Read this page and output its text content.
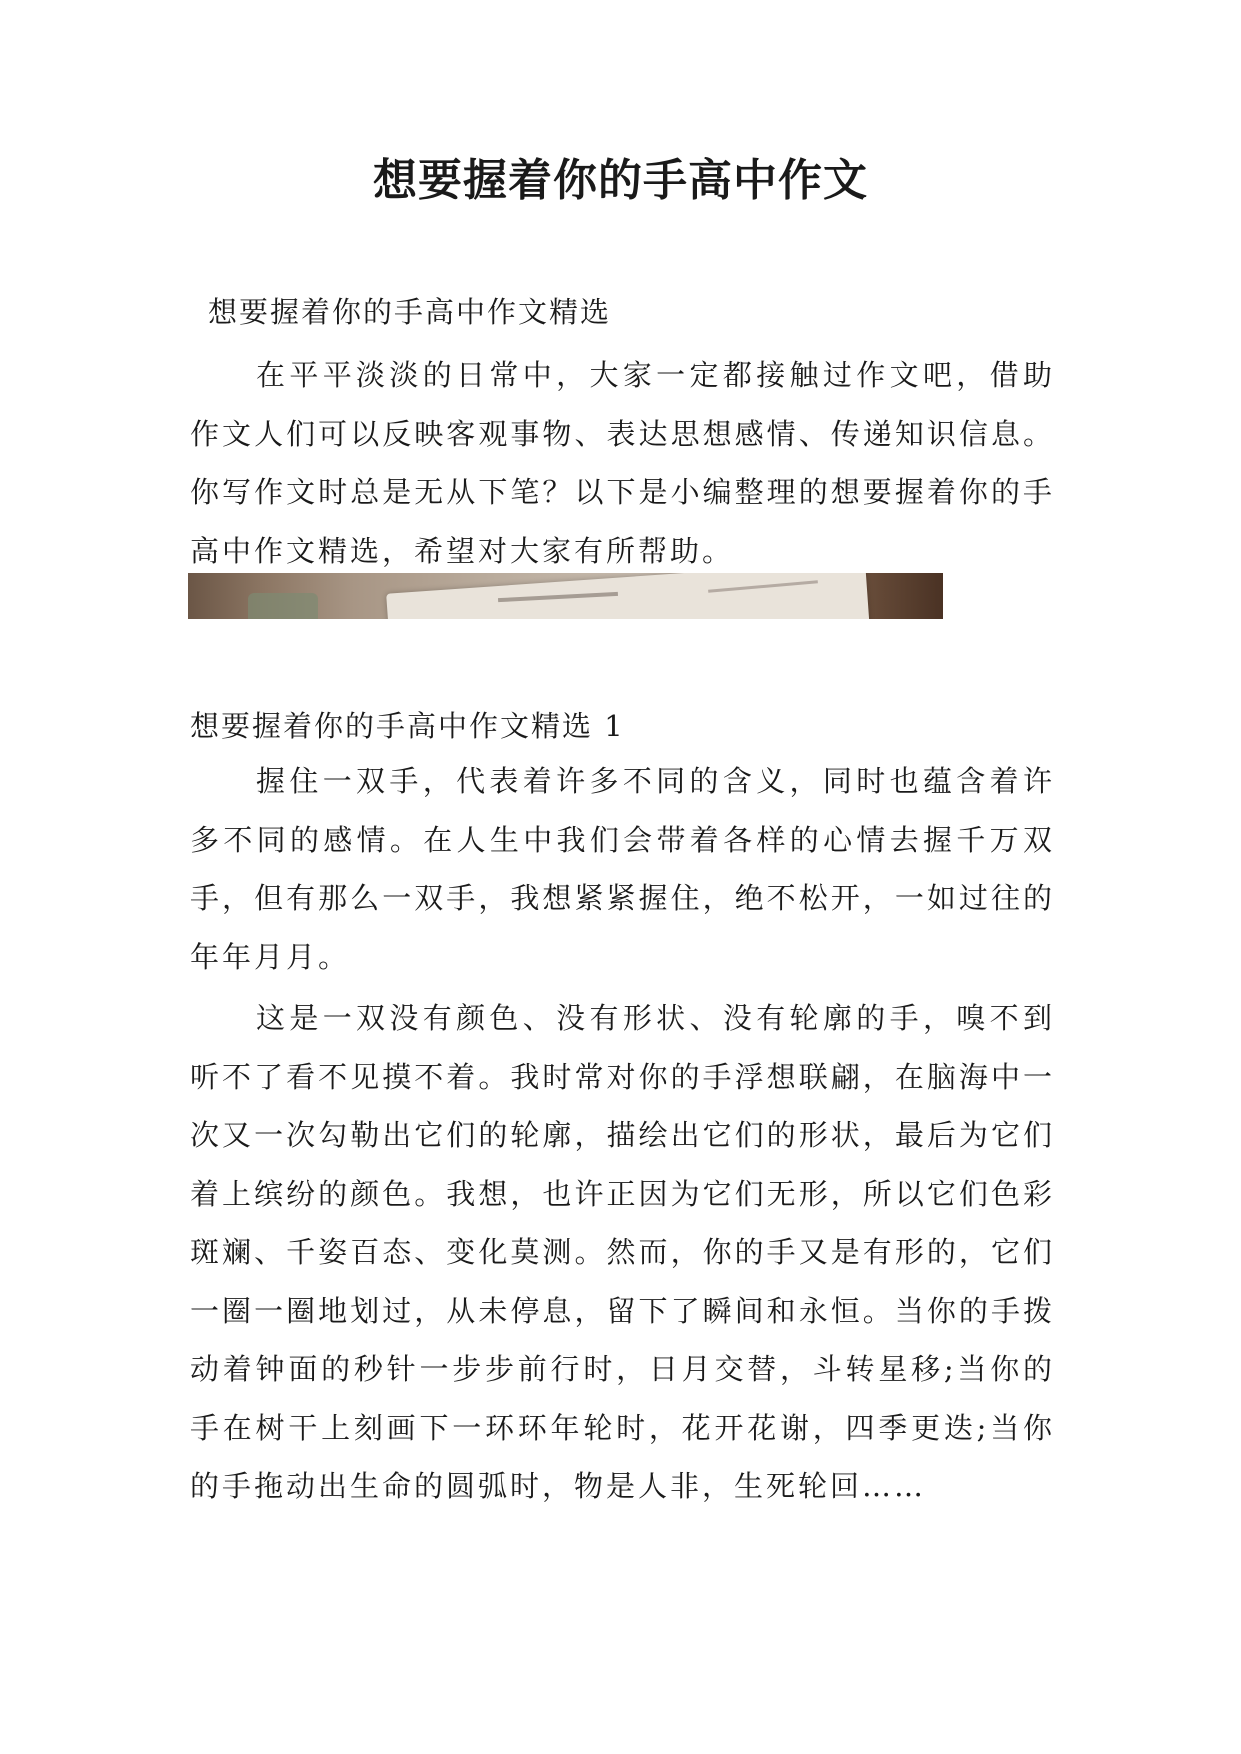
想要握着你的手高中作文

想要握着你的手高中作文精选

在平平淡淡的日常中，大家一定都接触过作文吧，借助作文人们可以反映客观事物、表达思想感情、传递知识信息。你写作文时总是无从下笔？以下是小编整理的想要握着你的手高中作文精选，希望对大家有所帮助。

想要握着你的手高中作文精选 1

握住一双手，代表着许多不同的含义，同时也蕴含着许多不同的感情。在人生中我们会带着各样的心情去握千万双手，但有那么一双手，我想紧紧握住，绝不松开，一如过往的年年月月。

这是一双没有颜色、没有形状、没有轮廓的手，嗅不到听不了看不见摸不着。我时常对你的手浮想联翩，在脑海中一次又一次勾勒出它们的轮廓，描绘出它们的形状，最后为它们着上缤纷的颜色。我想，也许正因为它们无形，所以它们色彩斑斓、千姿百态、变化莫测。然而，你的手又是有形的，它们一圈一圈地划过，从未停息，留下了瞬间和永恒。当你的手拨动着钟面的秒针一步步前行时，日月交替，斗转星移;当你的手在树干上刻画下一环环年轮时，花开花谢，四季更迭;当你的手拖动出生命的圆弧时，物是人非，生死轮回……
